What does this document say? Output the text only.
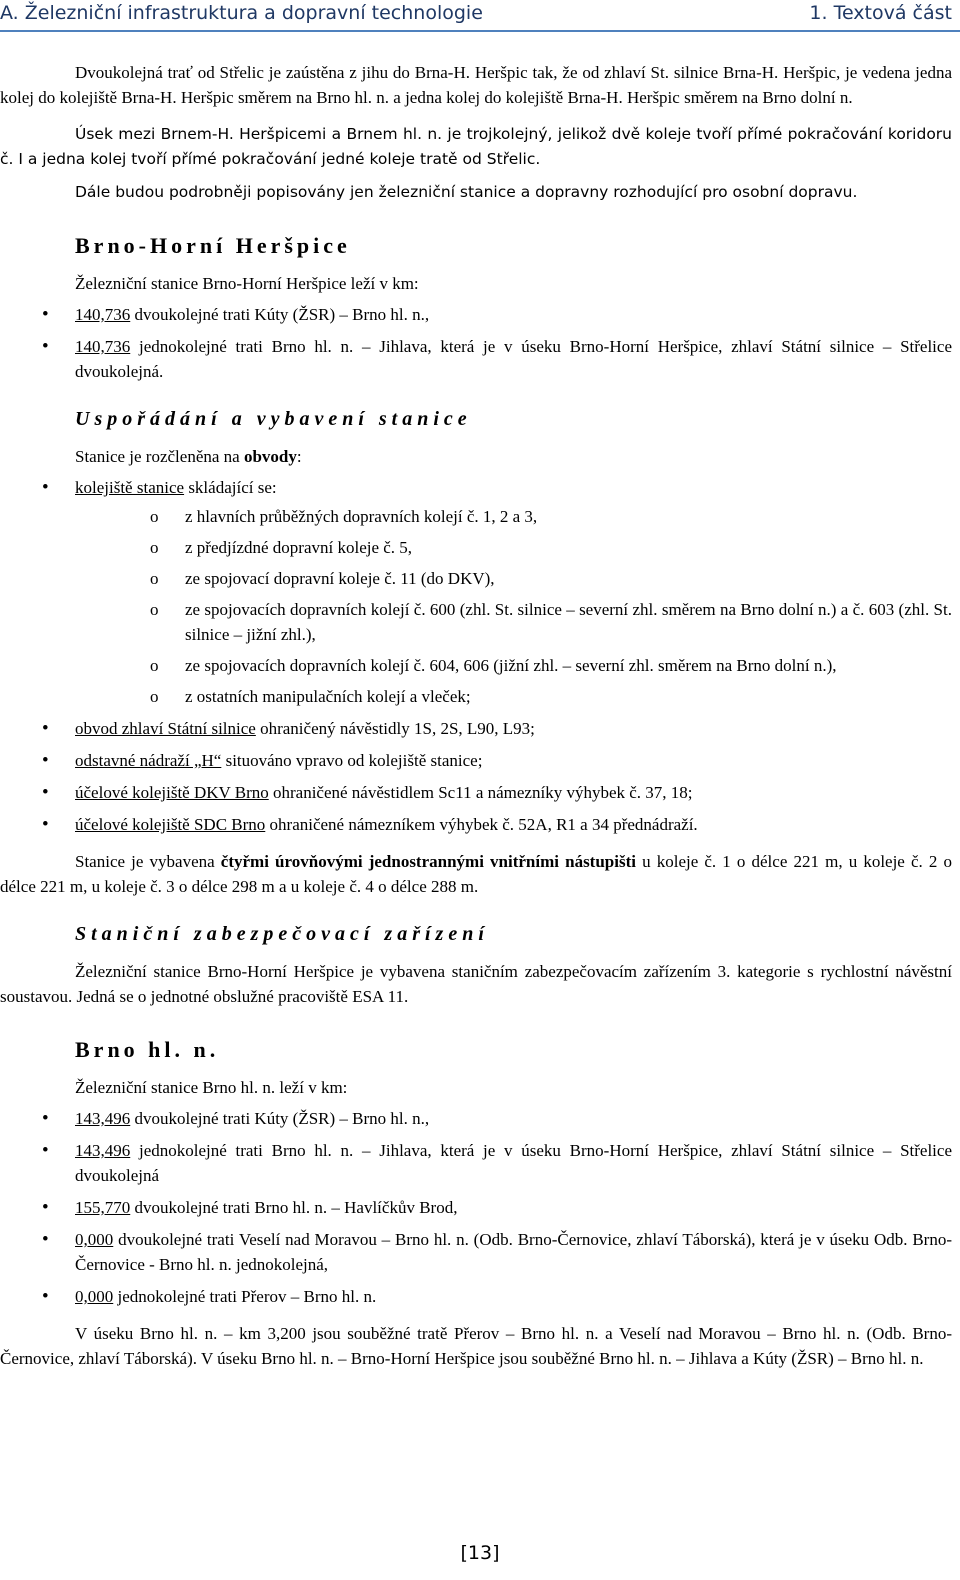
A. Železniční infrastruktura a dopravní technologie	1. Textová část

Dvoukolejná trať od Střelic je zaústěna z jihu do Brna-H. Heršpic tak, že od zhlaví St. silnice Brna-H. Heršpic, je vedena jedna kolej do kolejiště Brna-H. Heršpic směrem na Brno hl. n. a jedna kolej do kolejiště Brna-H. Heršpic směrem na Brno dolní n.

Úsek mezi Brnem-H. Heršpicemi a Brnem hl. n. je trojkolejný, jelikož dvě koleje tvoří přímé pokračování koridoru č. I a jedna kolej tvoří přímé pokračování jedné koleje tratě od Střelic.

Dále budou podrobněji popisovány jen železniční stanice a dopravny rozhodující pro osobní dopravu.

Brno-Horní Heršpice

Železniční stanice Brno-Horní Heršpice leží v km:

• 140,736 dvoukolejné trati Kúty (ŽSR) – Brno hl. n.,
• 140,736 jednokolejné trati Brno hl. n. – Jihlava, která je v úseku Brno-Horní Heršpice, zhlaví Státní silnice – Střelice dvoukolejná.
Uspořádání a vybavení stanice

Stanice je rozčleněna na obvody:

• kolejiště stanice skládající se:
o z hlavních průběžných dopravních kolejí č. 1, 2 a 3,
o z předjízdné dopravní koleje č. 5,
o ze spojovací dopravní koleje č. 11 (do DKV),
o ze spojovacích dopravních kolejí č. 600 (zhl. St. silnice – severní zhl. směrem na Brno dolní n.) a č. 603 (zhl. St. silnice – jižní zhl.),
o ze spojovacích dopravních kolejí č. 604, 606 (jižní zhl. – severní zhl. směrem na Brno dolní n.),
o z ostatních manipulačních kolejí a vleček;
• obvod zhlaví Státní silnice ohraničený návěstidly 1S, 2S, L90, L93;
• odstavné nádraží „H“ situováno vpravo od kolejiště stanice;
• účelové kolejiště DKV Brno ohraničené návěstidlem Sc11 a námezníky výhybek č. 37, 18;
• účelové kolejiště SDC Brno ohraničené námezníkem výhybek č. 52A, R1 a 34 přednádraží.

Stanice je vybavena čtyřmi úrovňovými jednostrannými vnitřními nástupišti u koleje č. 1 o délce 221 m, u koleje č. 2 o délce 221 m, u koleje č. 3 o délce 298 m a u koleje č. 4 o délce 288 m.

Staniční zabezpečovací zařízení

Železniční stanice Brno-Horní Heršpice je vybavena staničním zabezpečovacím zařízením 3. kategorie s rychlostní návěstní soustavou. Jedná se o jednotné obslužné pracoviště ESA 11.

Brno hl. n.

Železniční stanice Brno hl. n. leží v km:

• 143,496 dvoukolejné trati Kúty (ŽSR) – Brno hl. n.,
• 143,496 jednokolejné trati Brno hl. n. – Jihlava, která je v úseku Brno-Horní Heršpice, zhlaví Státní silnice – Střelice dvoukolejná
• 155,770 dvoukolejné trati Brno hl. n. – Havlíčkův Brod,
• 0,000 dvoukolejné trati Veselí nad Moravou – Brno hl. n. (Odb. Brno-Černovice, zhlaví Táborská), která je v úseku Odb. Brno-Černovice - Brno hl. n. jednokolejná,
• 0,000 jednokolejné trati Přerov – Brno hl. n.

V úseku Brno hl. n. – km 3,200 jsou souběžné tratě Přerov – Brno hl. n. a Veselí nad Moravou – Brno hl. n. (Odb. Brno-Černovice, zhlaví Táborská). V úseku Brno hl. n. – Brno-Horní Heršpice jsou souběžné Brno hl. n. – Jihlava a Kúty (ŽSR) – Brno hl. n.

[13]
